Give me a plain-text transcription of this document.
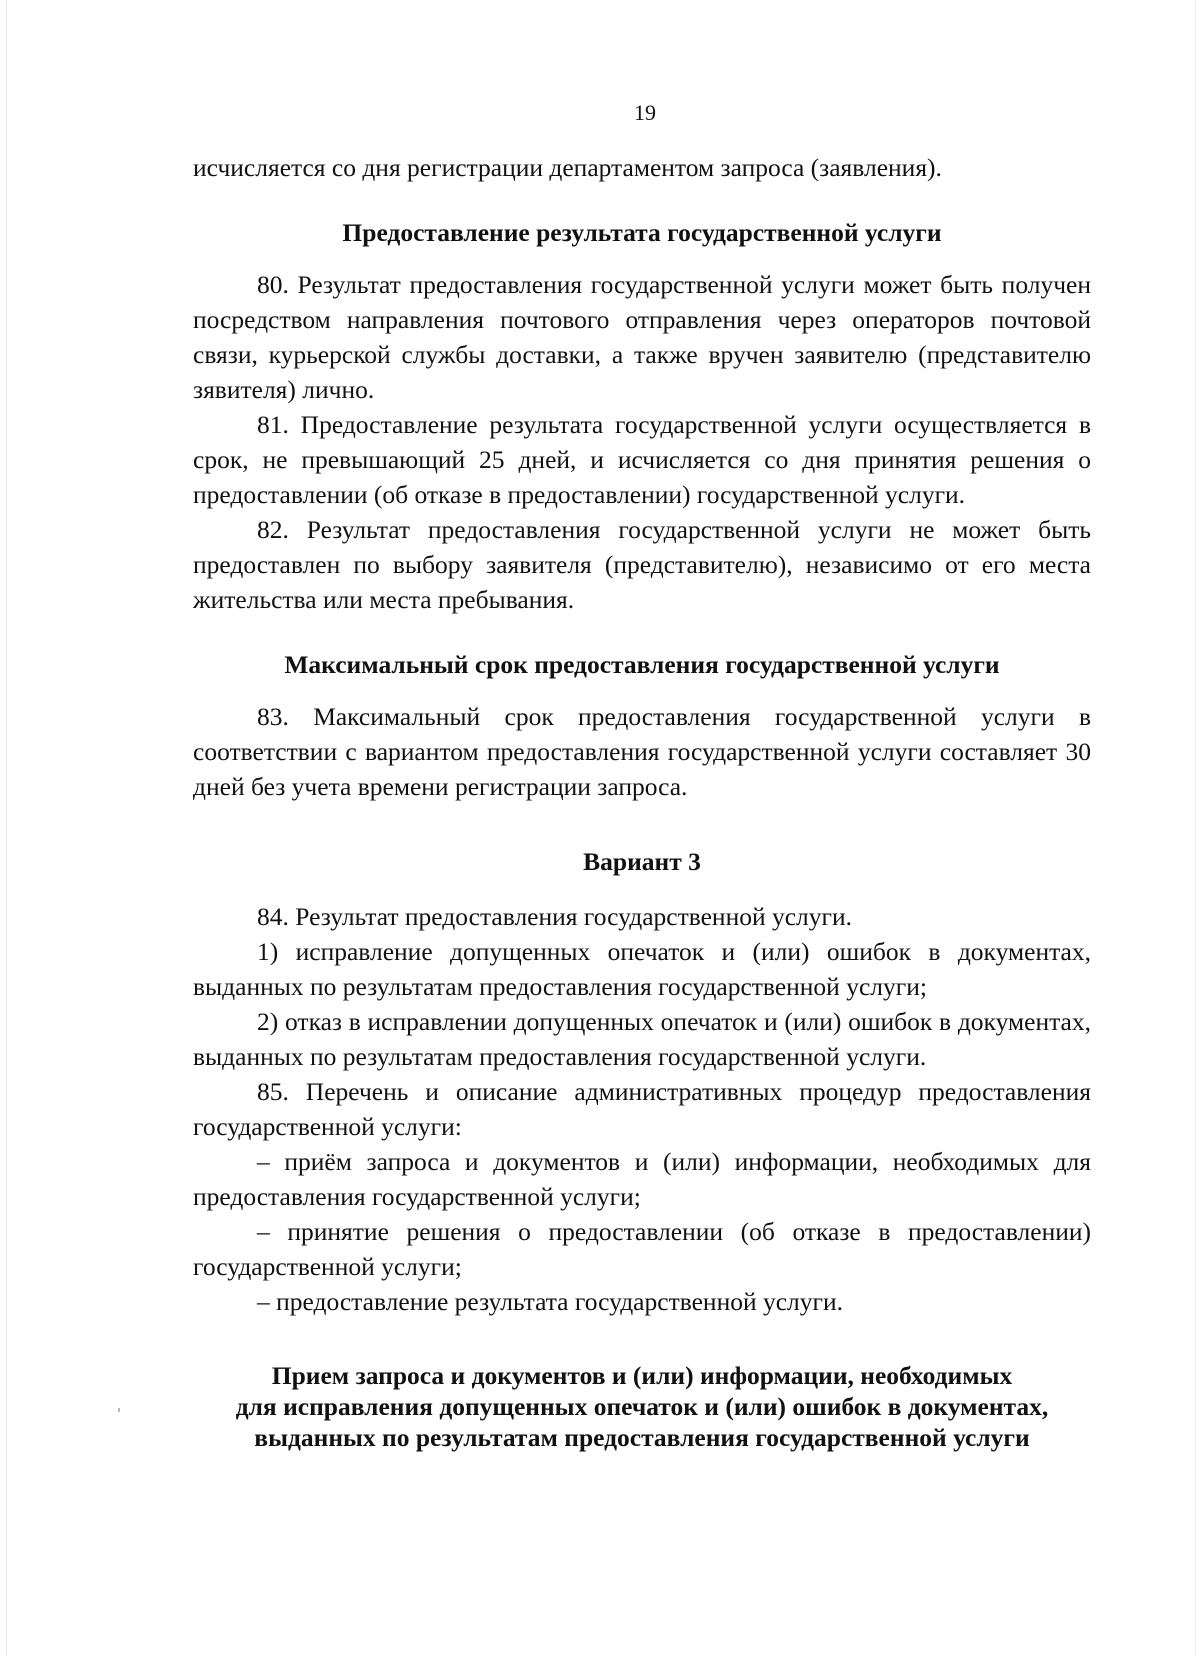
19

исчисляется со дня регистрации департаментом запроса (заявления).

Предоставление результата государственной услуги

80. Результат предоставления государственной услуги может быть получен посредством направления почтового отправления через операторов почтовой связи, курьерской службы доставки, а также вручен заявителю (представителю зявителя) лично.

81. Предоставление результата государственной услуги осуществляется в срок, не превышающий 25 дней, и исчисляется со дня принятия решения о предоставлении (об отказе в предоставлении) государственной услуги.

82. Результат предоставления государственной услуги не может быть предоставлен по выбору заявителя (представителю), независимо от его места жительства или места пребывания.

Максимальный срок предоставления государственной услуги

83. Максимальный срок предоставления государственной услуги в соответствии с вариантом предоставления государственной услуги составляет 30 дней без учета времени регистрации запроса.

Вариант 3

84. Результат предоставления государственной услуги.

1) исправление допущенных опечаток и (или) ошибок в документах, выданных по результатам предоставления государственной услуги;

2) отказ в исправлении допущенных опечаток и (или) ошибок в документах, выданных по результатам предоставления государственной услуги.

85. Перечень и описание административных процедур предоставления государственной услуги:

– приём запроса и документов и (или) информации, необходимых для предоставления государственной услуги;

– принятие решения о предоставлении (об отказе в предоставлении) государственной услуги;

– предоставление результата государственной услуги.

Прием запроса и документов и (или) информации, необходимых
для исправления допущенных опечаток и (или) ошибок в документах,
выданных по результатам предоставления государственной услуги
